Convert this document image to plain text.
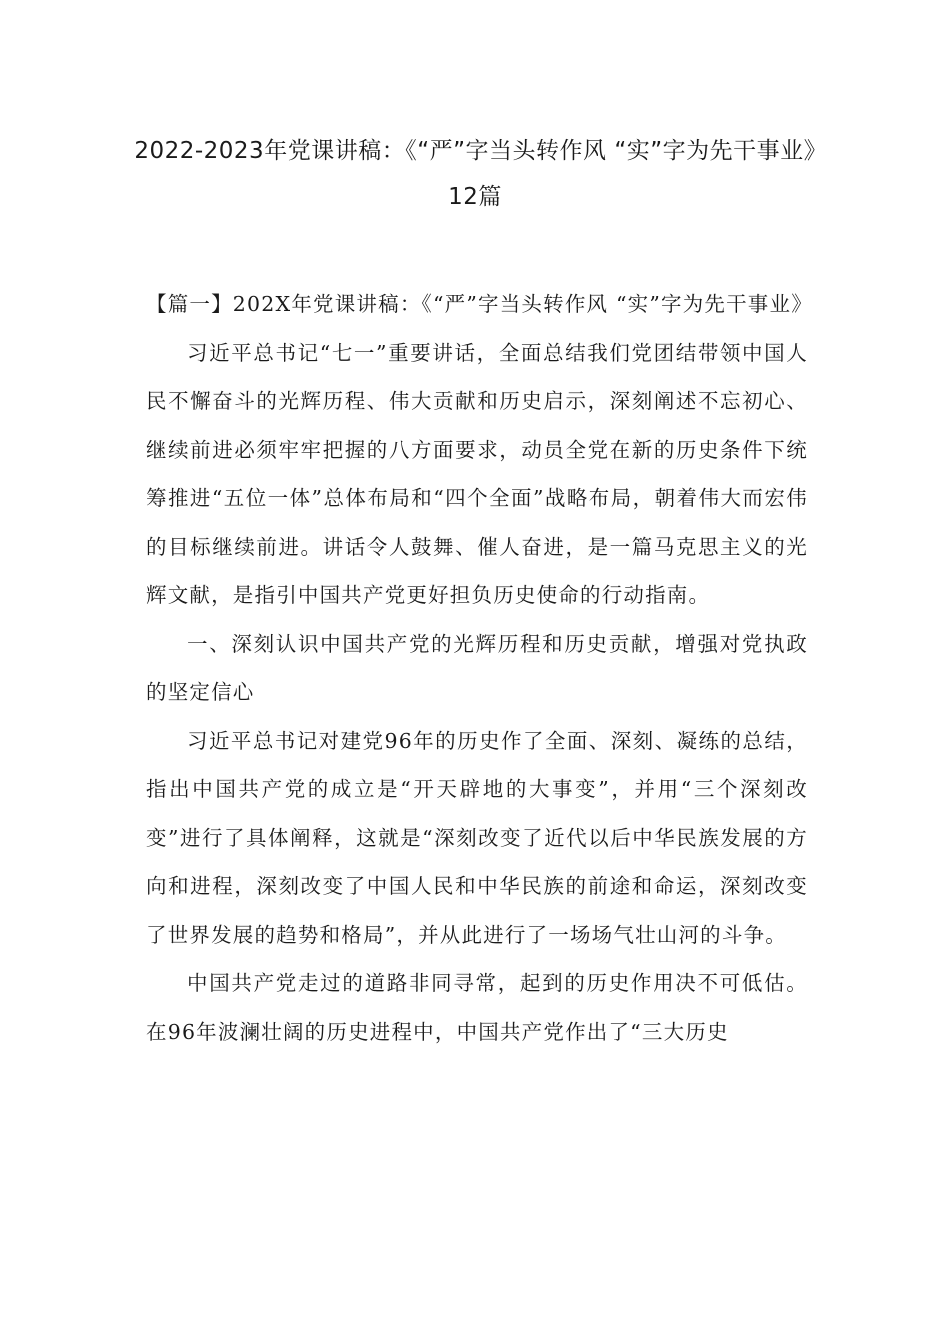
2022-2023年党课讲稿：《“严”字当头转作风 “实”字为先干事业》12篇

【篇一】202X年党课讲稿：《“严”字当头转作风 “实”字为先干事业》

习近平总书记“七一”重要讲话，全面总结我们党团结带领中国人民不懈奋斗的光辉历程、伟大贡献和历史启示，深刻阐述不忘初心、继续前进必须牢牢把握的八方面要求，动员全党在新的历史条件下统筹推进“五位一体”总体布局和“四个全面”战略布局，朝着伟大而宏伟的目标继续前进。讲话令人鼓舞、催人奋进，是一篇马克思主义的光辉文献，是指引中国共产党更好担负历史使命的行动指南。

一、深刻认识中国共产党的光辉历程和历史贡献，增强对党执政的坚定信心

习近平总书记对建党96年的历史作了全面、深刻、凝练的总结，指出中国共产党的成立是“开天辟地的大事变”，并用“三个深刻改变”进行了具体阐释，这就是“深刻改变了近代以后中华民族发展的方向和进程，深刻改变了中国人民和中华民族的前途和命运，深刻改变了世界发展的趋势和格局”，并从此进行了一场场气壮山河的斗争。

中国共产党走过的道路非同寻常，起到的历史作用决不可低估。在96年波澜壮阔的历史进程中，中国共产党作出了“三大历史
